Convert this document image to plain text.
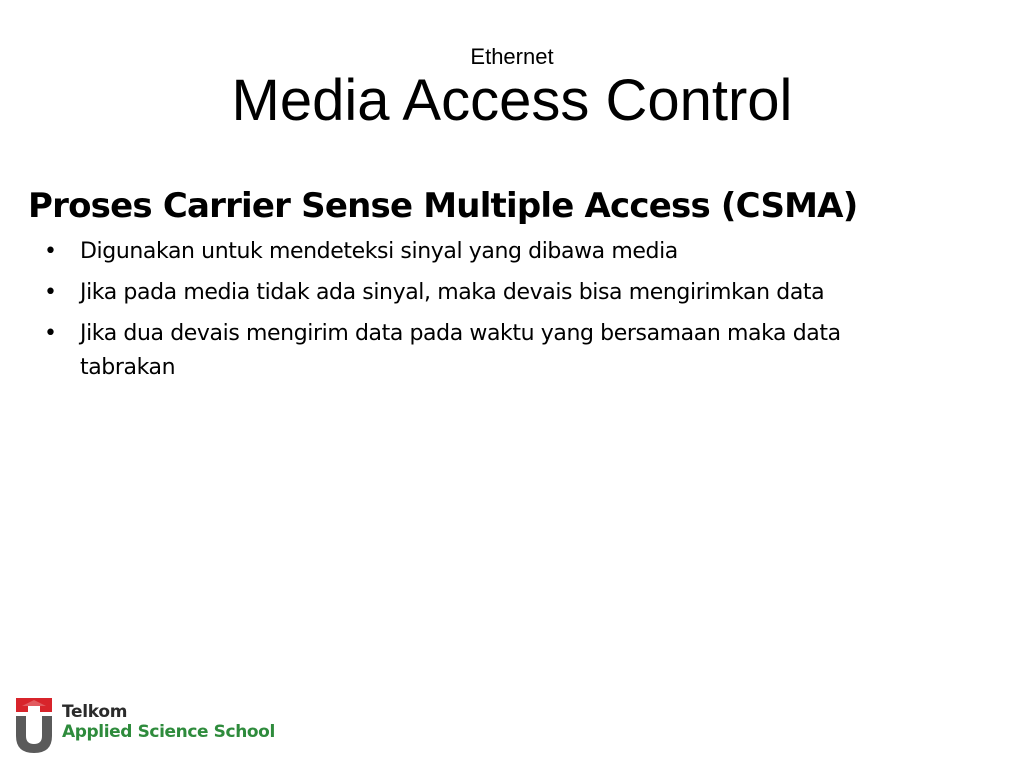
Ethernet

Media Access Control
Proses Carrier Sense Multiple Access (CSMA)
• Digunakan untuk mendeteksi sinyal yang dibawa media
• Jika pada media tidak ada sinyal, maka devais bisa mengirimkan data
• Jika dua devais mengirim data pada waktu yang bersamaan maka data tabrakan
Telkom
Applied Science School
